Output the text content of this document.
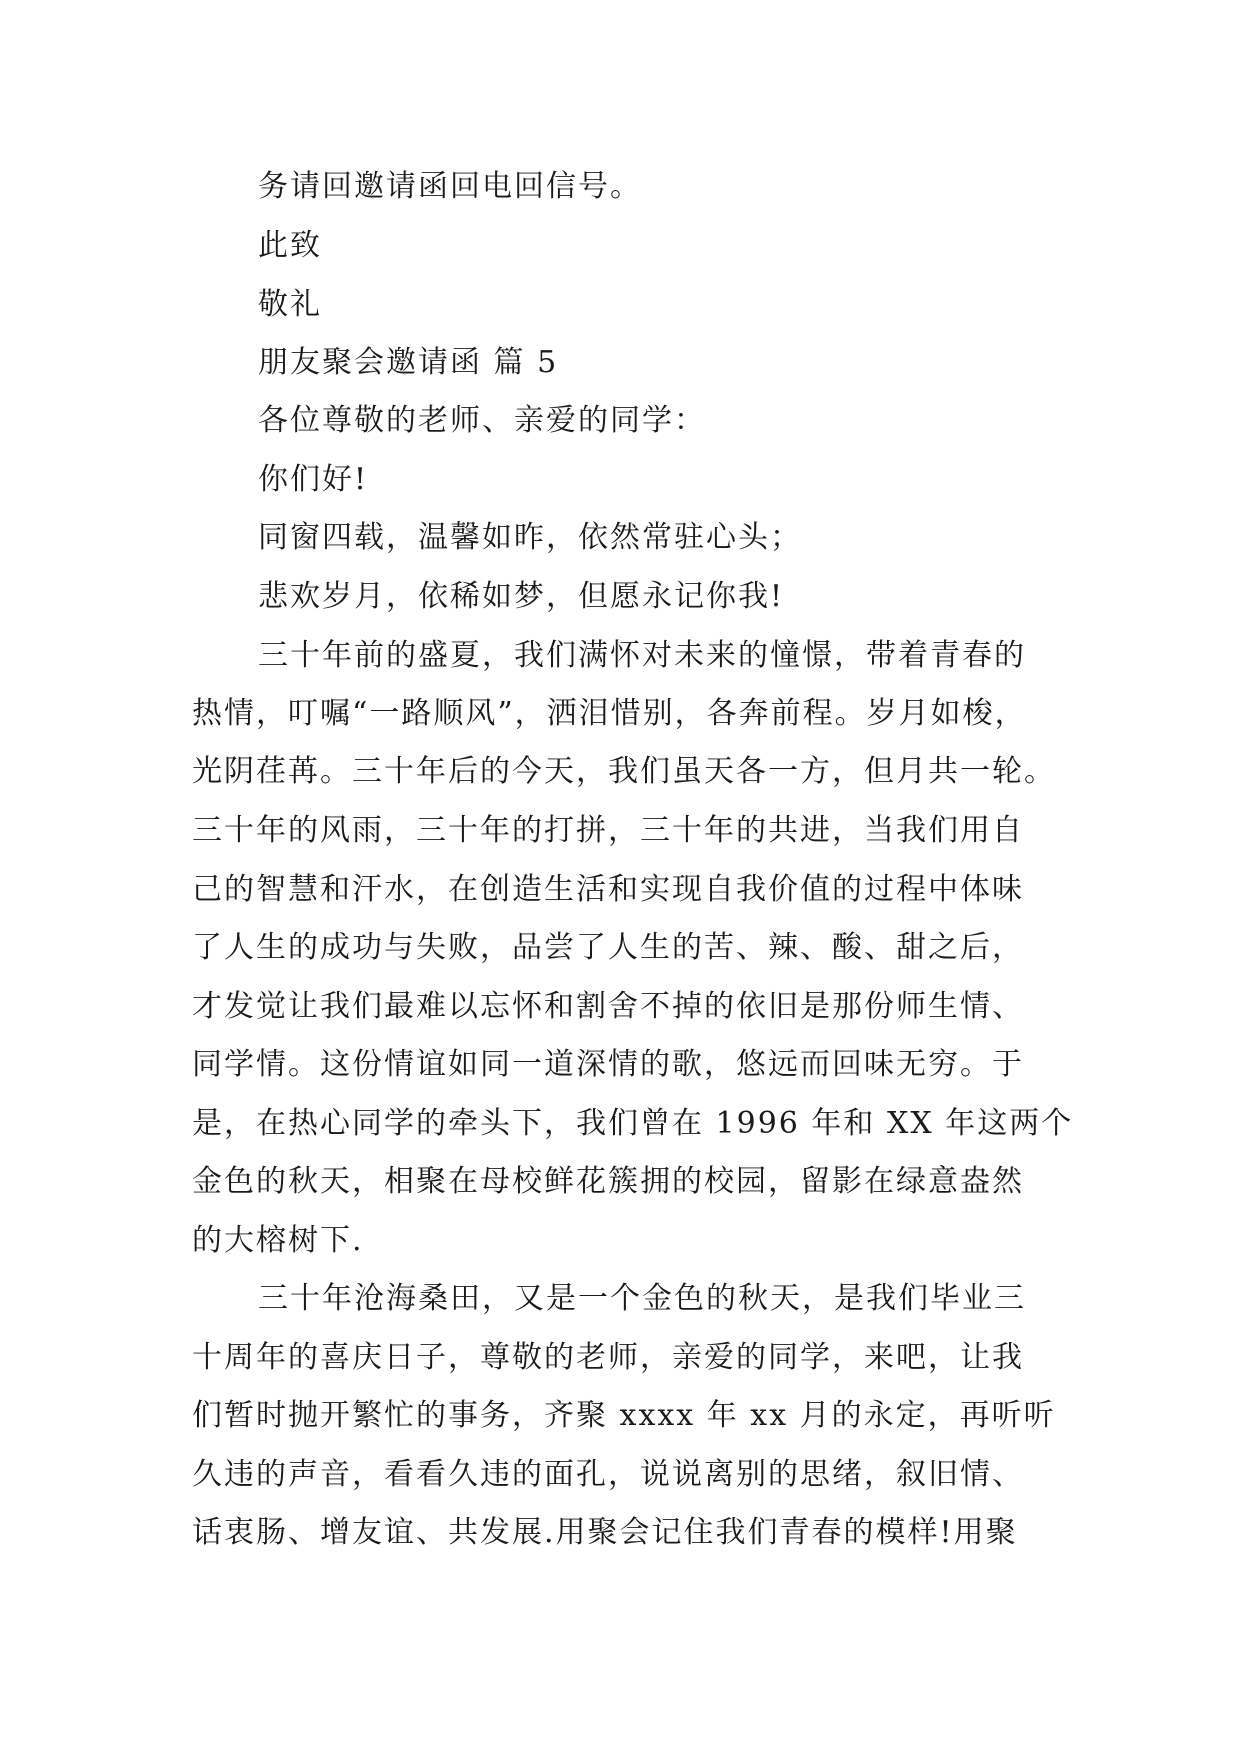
务请回邀请函回电回信号。
此致
敬礼
朋友聚会邀请函 篇 5
各位尊敬的老师、亲爱的同学：
你们好!
同窗四载，温馨如昨，依然常驻心头；
悲欢岁月，依稀如梦，但愿永记你我!
三十年前的盛夏，我们满怀对未来的憧憬，带着青春的
热情，叮嘱“一路顺风”，洒泪惜别，各奔前程。岁月如梭，
光阴荏苒。三十年后的今天，我们虽天各一方，但月共一轮。
三十年的风雨，三十年的打拼，三十年的共进，当我们用自
己的智慧和汗水，在创造生活和实现自我价值的过程中体味
了人生的成功与失败，品尝了人生的苦、辣、酸、甜之后，
才发觉让我们最难以忘怀和割舍不掉的依旧是那份师生情、
同学情。这份情谊如同一道深情的歌，悠远而回味无穷。于
是，在热心同学的牵头下，我们曾在 1996 年和 XX 年这两个
金色的秋天，相聚在母校鲜花簇拥的校园，留影在绿意盎然
的大榕树下.
三十年沧海桑田，又是一个金色的秋天，是我们毕业三
十周年的喜庆日子，尊敬的老师，亲爱的同学，来吧，让我
们暂时抛开繁忙的事务，齐聚 xxxx 年 xx 月的永定，再听听
久违的声音，看看久违的面孔，说说离别的思绪，叙旧情、
话衷肠、增友谊、共发展.用聚会记住我们青春的模样!用聚
